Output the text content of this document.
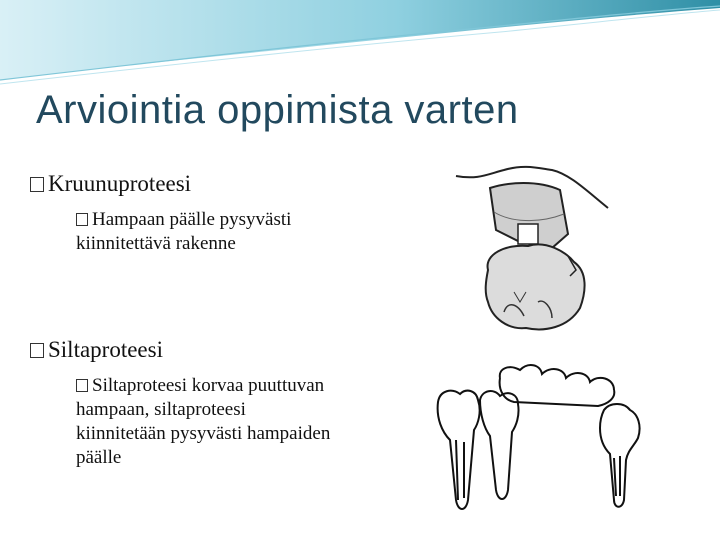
Arviointia oppimista varten
Kruunuproteesi
Hampaan päälle pysyvästi kiinnitettävä rakenne
Siltaproteesi
Siltaproteesi korvaa puuttuvan hampaan, siltaproteesi kiinnitetään pysyvästi hampaiden päälle
